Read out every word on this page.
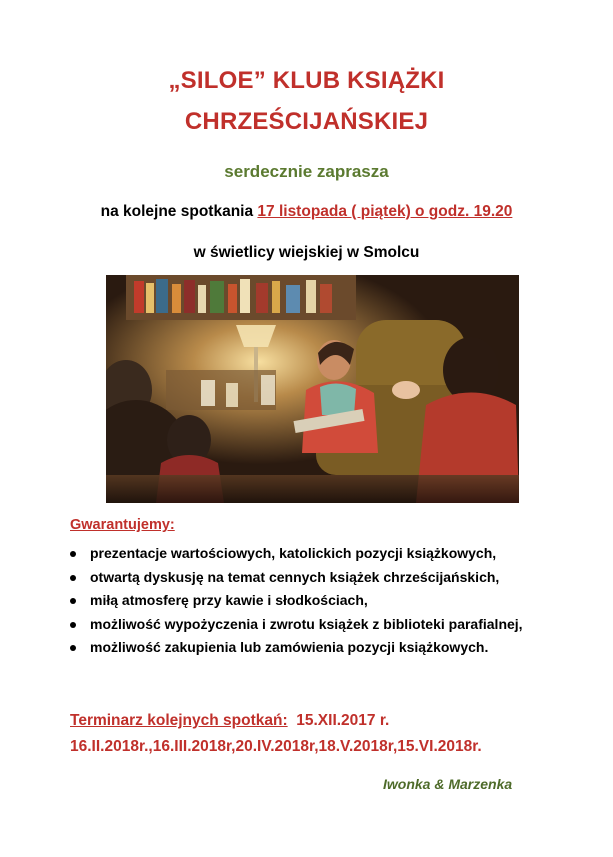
„SILOE” KLUB KSIĄŻKI
CHRZEŚCIJAŃSKIEJ
serdecznie zaprasza
na kolejne spotkania 17 listopada ( piątek) o godz. 19.20
w świetlicy wiejskiej w Smolcu
Gwarantujemy:
prezentacje wartościowych, katolickich pozycji książkowych,
otwartą dyskusję na temat cennych książek chrześcijańskich,
miłą atmosferę przy kawie i słodkościach,
możliwość wypożyczenia i zwrotu książek z biblioteki parafialnej,
możliwość zakupienia lub zamówienia pozycji książkowych.
Terminarz kolejnych spotkań:  15.XII.2017 r.
16.II.2018r.,16.III.2018r,20.IV.2018r,18.V.2018r,15.VI.2018r.
Iwonka & Marzenka
